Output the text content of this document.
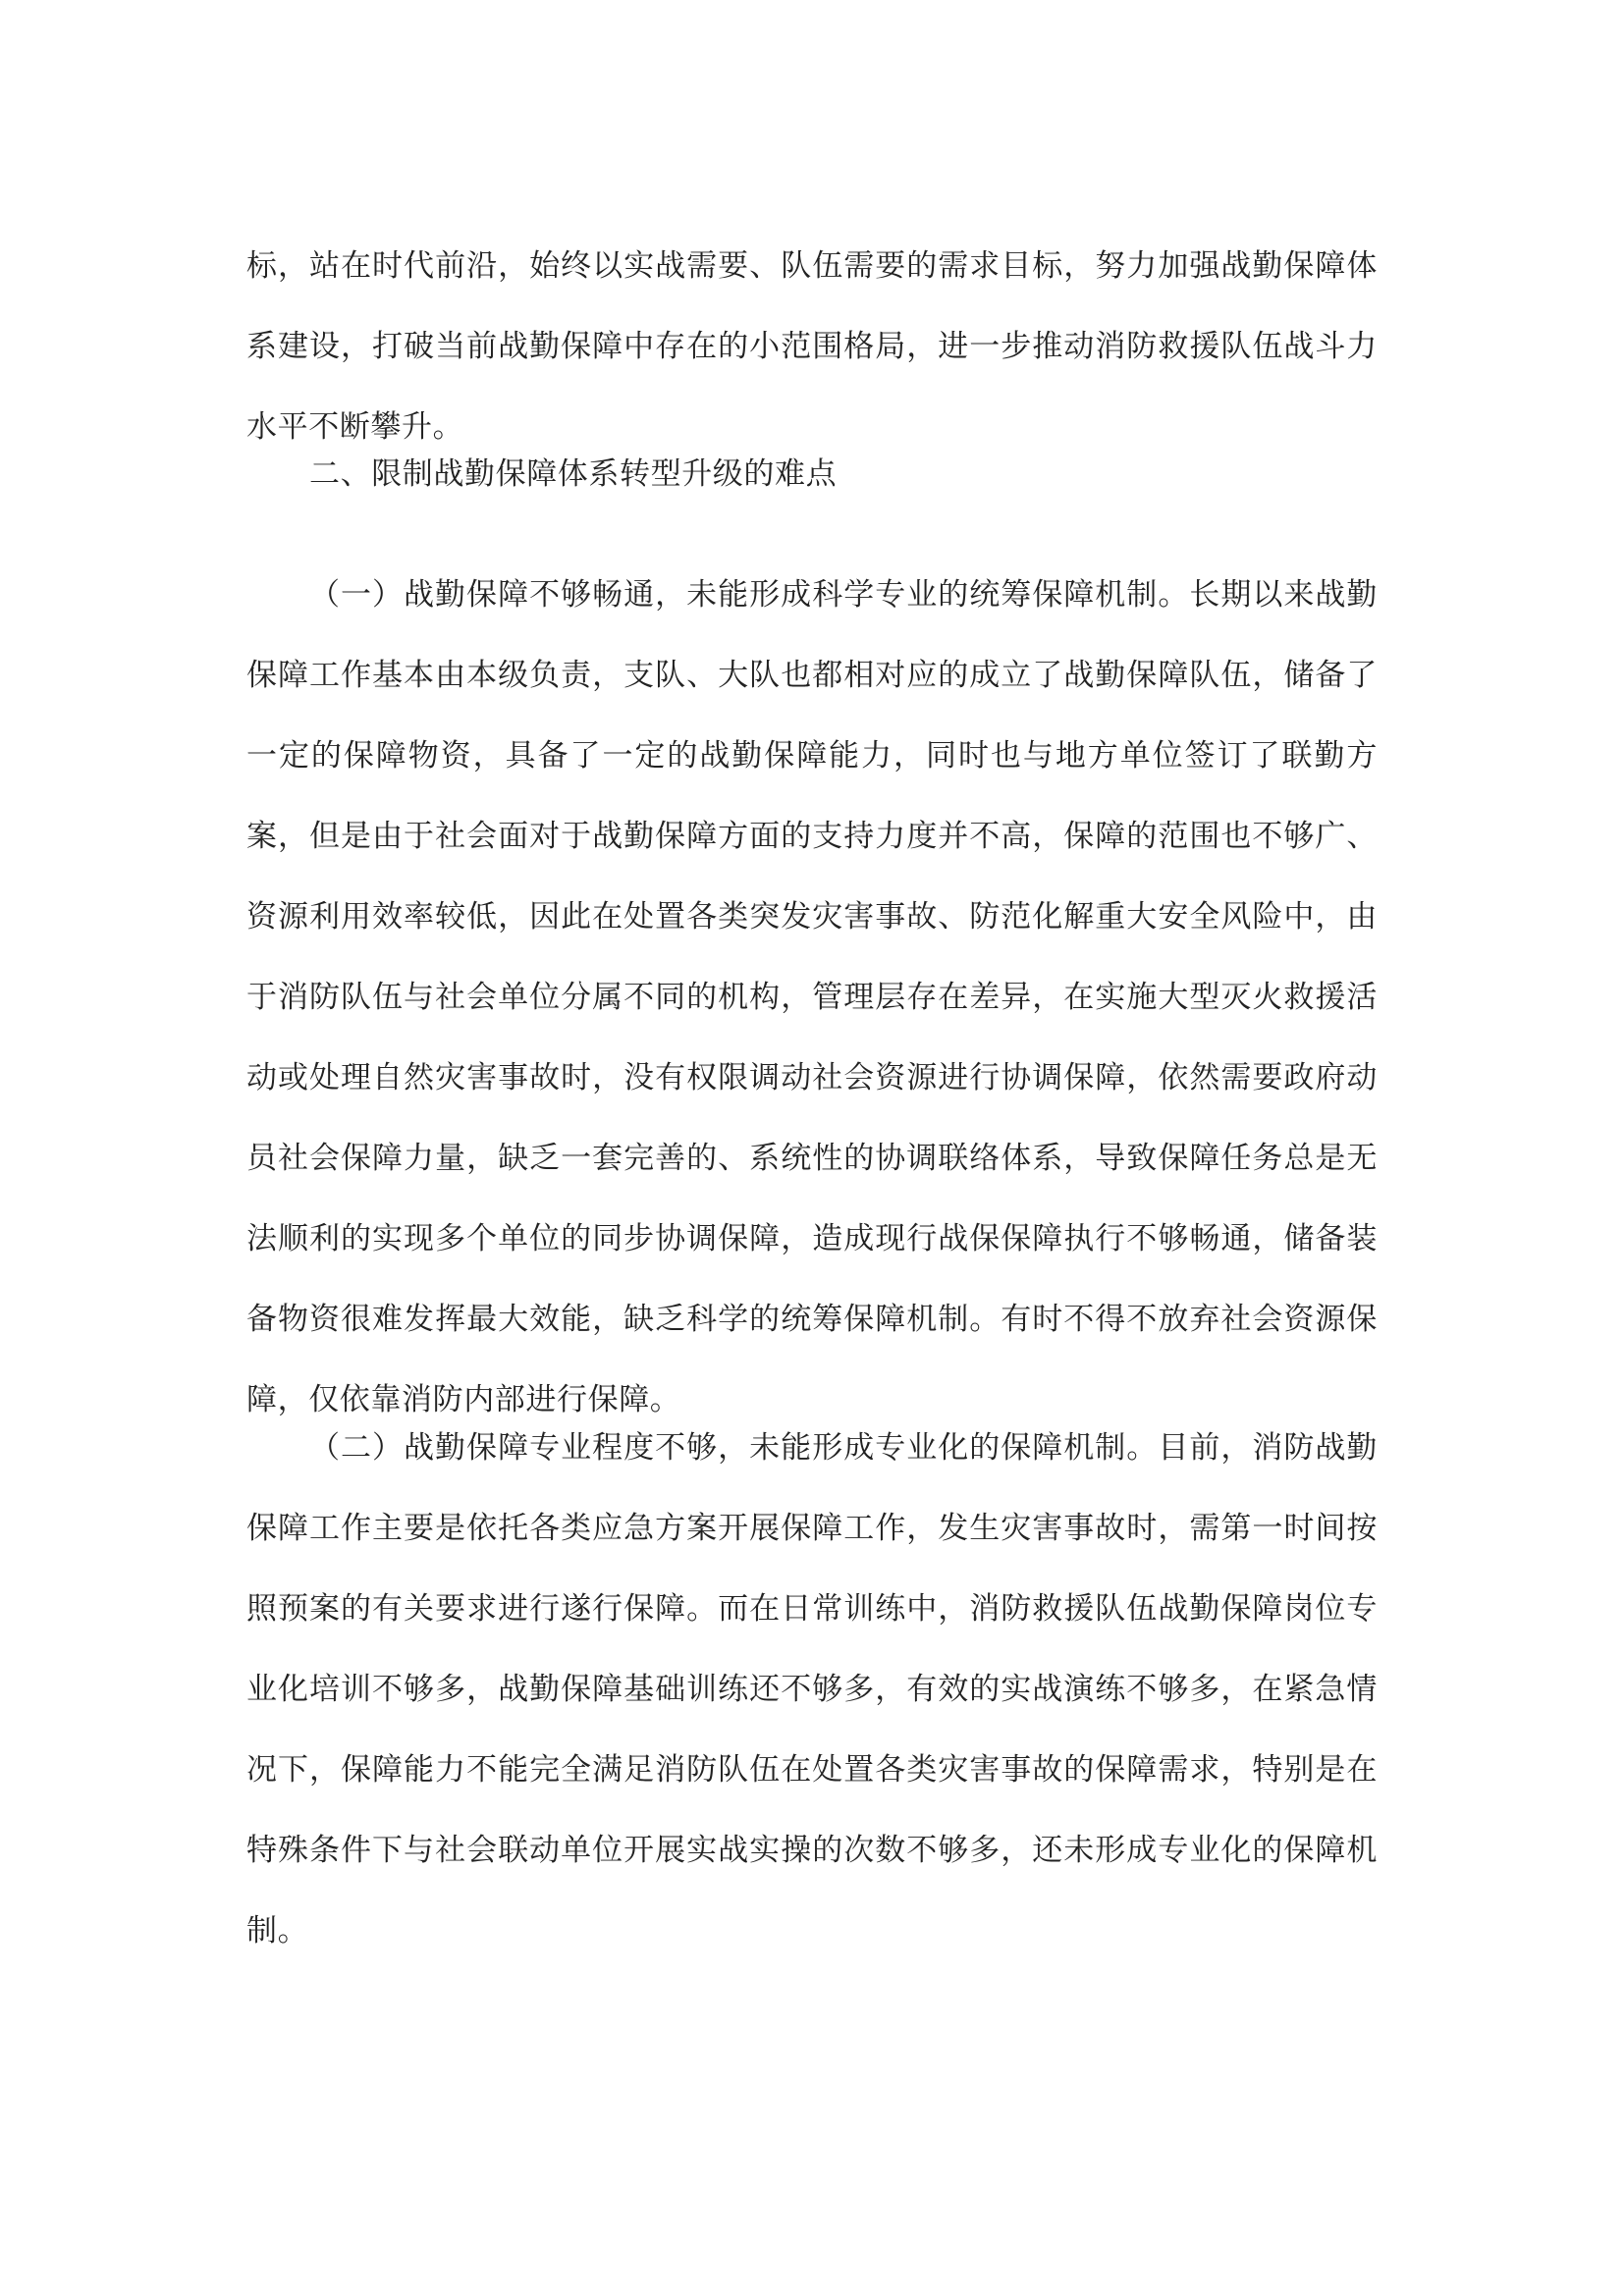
标，站在时代前沿，始终以实战需要、队伍需要的需求目标，努力加强战勤保障体系建设，打破当前战勤保障中存在的小范围格局，进一步推动消防救援队伍战斗力水平不断攀升。

二、限制战勤保障体系转型升级的难点

（一）战勤保障不够畅通，未能形成科学专业的统筹保障机制。长期以来战勤保障工作基本由本级负责，支队、大队也都相对应的成立了战勤保障队伍，储备了一定的保障物资，具备了一定的战勤保障能力，同时也与地方单位签订了联勤方案，但是由于社会面对于战勤保障方面的支持力度并不高，保障的范围也不够广、资源利用效率较低，因此在处置各类突发灾害事故、防范化解重大安全风险中，由于消防队伍与社会单位分属不同的机构，管理层存在差异，在实施大型灭火救援活动或处理自然灾害事故时，没有权限调动社会资源进行协调保障，依然需要政府动员社会保障力量，缺乏一套完善的、系统性的协调联络体系，导致保障任务总是无法顺利的实现多个单位的同步协调保障，造成现行战保保障执行不够畅通，储备装备物资很难发挥最大效能，缺乏科学的统筹保障机制。有时不得不放弃社会资源保障，仅依靠消防内部进行保障。

（二）战勤保障专业程度不够，未能形成专业化的保障机制。目前，消防战勤保障工作主要是依托各类应急方案开展保障工作，发生灾害事故时，需第一时间按照预案的有关要求进行遂行保障。而在日常训练中，消防救援队伍战勤保障岗位专业化培训不够多，战勤保障基础训练还不够多，有效的实战演练不够多，在紧急情况下，保障能力不能完全满足消防队伍在处置各类灾害事故的保障需求，特别是在特殊条件下与社会联动单位开展实战实操的次数不够多，还未形成专业化的保障机制。
